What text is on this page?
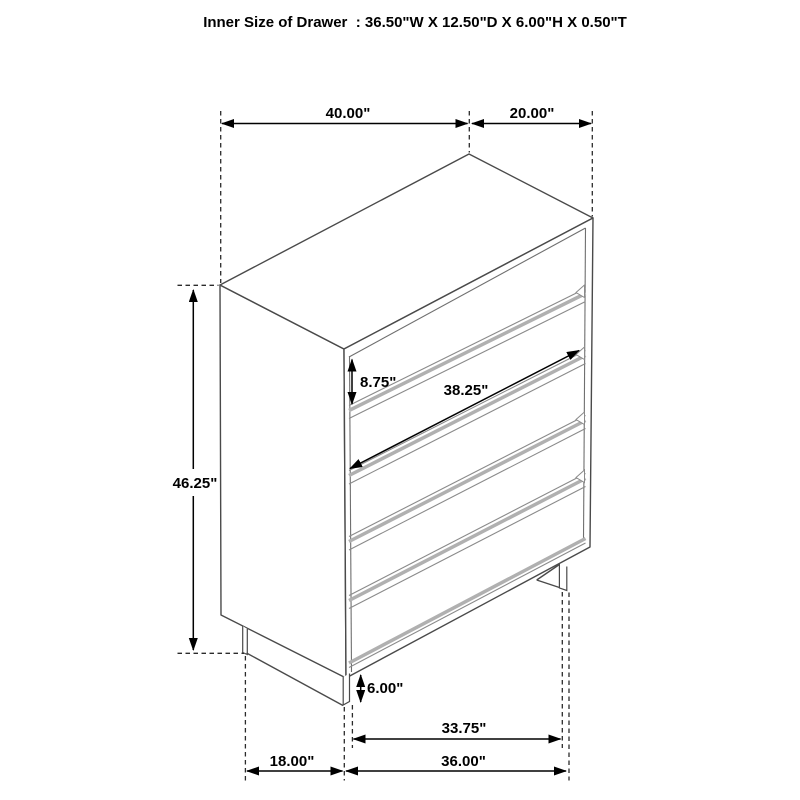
Inner Size of Drawer  : 36.50"W X 12.50"D X 6.00"H X 0.50"T
40.00"	20.00"
46.25"
8.75"	38.25"
6.00"
33.75"
36.00"
18.00"
